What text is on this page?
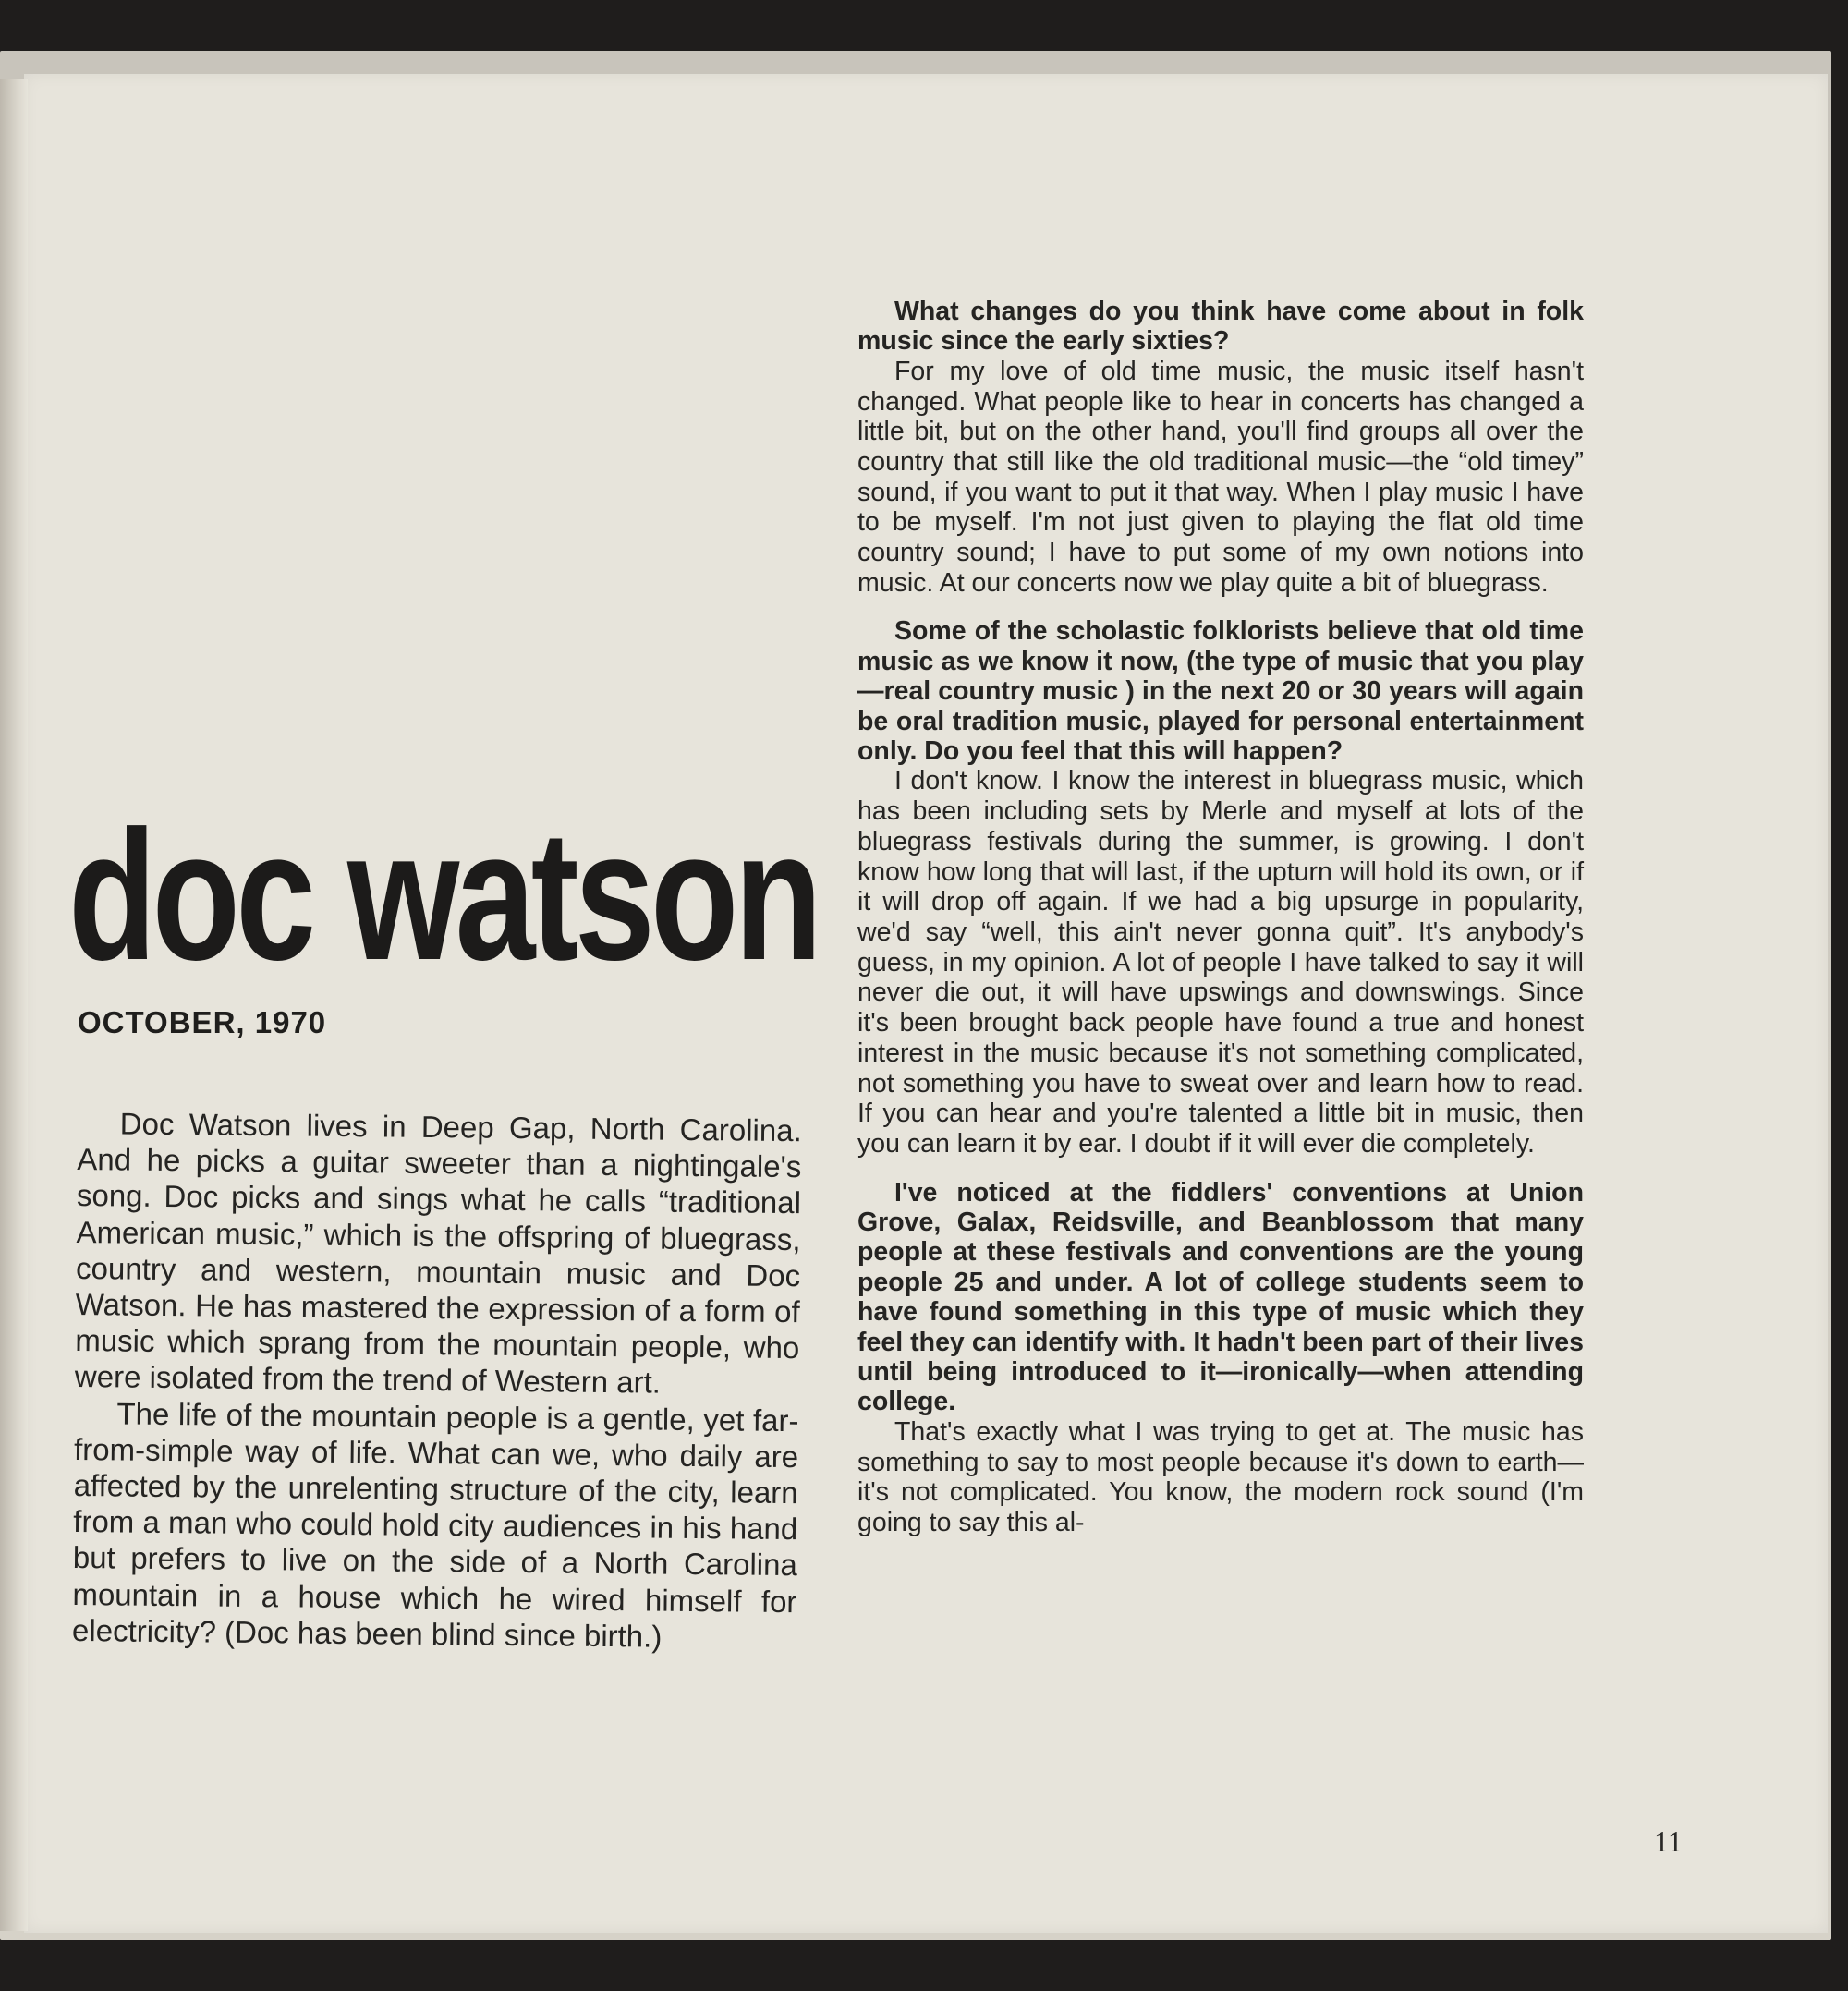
doc watson
OCTOBER, 1970

Doc Watson lives in Deep Gap, North Carolina. And he picks a guitar sweeter than a nightingale's song. Doc picks and sings what he calls “traditional American music,” which is the offspring of bluegrass, country and western, mountain music and Doc Watson. He has mastered the expression of a form of music which sprang from the mountain people, who were isolated from the trend of Western art.

The life of the mountain people is a gentle, yet far-from-simple way of life. What can we, who daily are affected by the unrelenting structure of the city, learn from a man who could hold city audiences in his hand but prefers to live on the side of a North Carolina mountain in a house which he wired himself for electricity? (Doc has been blind since birth.)

What changes do you think have come about in folk music since the early sixties?

For my love of old time music, the music itself hasn't changed. What people like to hear in concerts has changed a little bit, but on the other hand, you'll find groups all over the country that still like the old traditional music—the “old timey” sound, if you want to put it that way. When I play music I have to be myself. I'm not just given to playing the flat old time country sound; I have to put some of my own notions into music. At our concerts now we play quite a bit of bluegrass.

Some of the scholastic folklorists believe that old time music as we know it now, (the type of music that you play—real country music ) in the next 20 or 30 years will again be oral tradition music, played for personal entertainment only. Do you feel that this will happen?

I don't know. I know the interest in bluegrass music, which has been including sets by Merle and myself at lots of the bluegrass festivals during the summer, is growing. I don't know how long that will last, if the upturn will hold its own, or if it will drop off again. If we had a big upsurge in popularity, we'd say “well, this ain't never gonna quit”. It's anybody's guess, in my opinion. A lot of people I have talked to say it will never die out, it will have upswings and downswings. Since it's been brought back people have found a true and honest interest in the music because it's not something complicated, not something you have to sweat over and learn how to read. If you can hear and you're talented a little bit in music, then you can learn it by ear. I doubt if it will ever die completely.

I've noticed at the fiddlers' conventions at Union Grove, Galax, Reidsville, and Beanblossom that many people at these festivals and conventions are the young people 25 and under. A lot of college students seem to have found something in this type of music which they feel they can identify with. It hadn't been part of their lives until being introduced to it—ironically—when attending college.

That's exactly what I was trying to get at. The music has something to say to most people because it's down to earth—it's not complicated. You know, the modern rock sound (I'm going to say this al-

11
